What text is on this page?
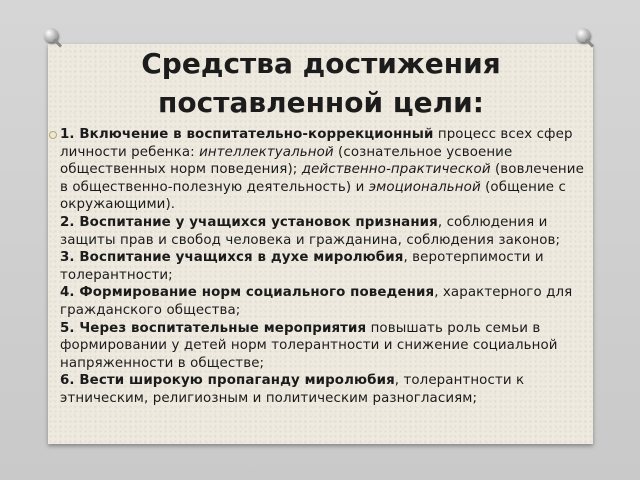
Средства достижения
поставленной цели:

1. Включение в воспитательно-коррекционный процесс всех сфер личности ребенка: интеллектуальной (сознательное усвоение общественных норм поведения); действенно-практической (вовлечение в общественно-полезную деятельность) и эмоциональной (общение с окружающими).

2. Воспитание у учащихся установок признания, соблюдения и защиты прав и свобод человека и гражданина, соблюдения законов;

3. Воспитание учащихся в духе миролюбия, веротерпимости и толерантности;

4. Формирование норм социального поведения, характерного для гражданского общества;

5. Через воспитательные мероприятия повышать роль семьи в формировании у детей норм толерантности и снижение социальной напряженности в обществе;

6. Вести широкую пропаганду миролюбия, толерантности к этническим, религиозным и политическим разногласиям;
